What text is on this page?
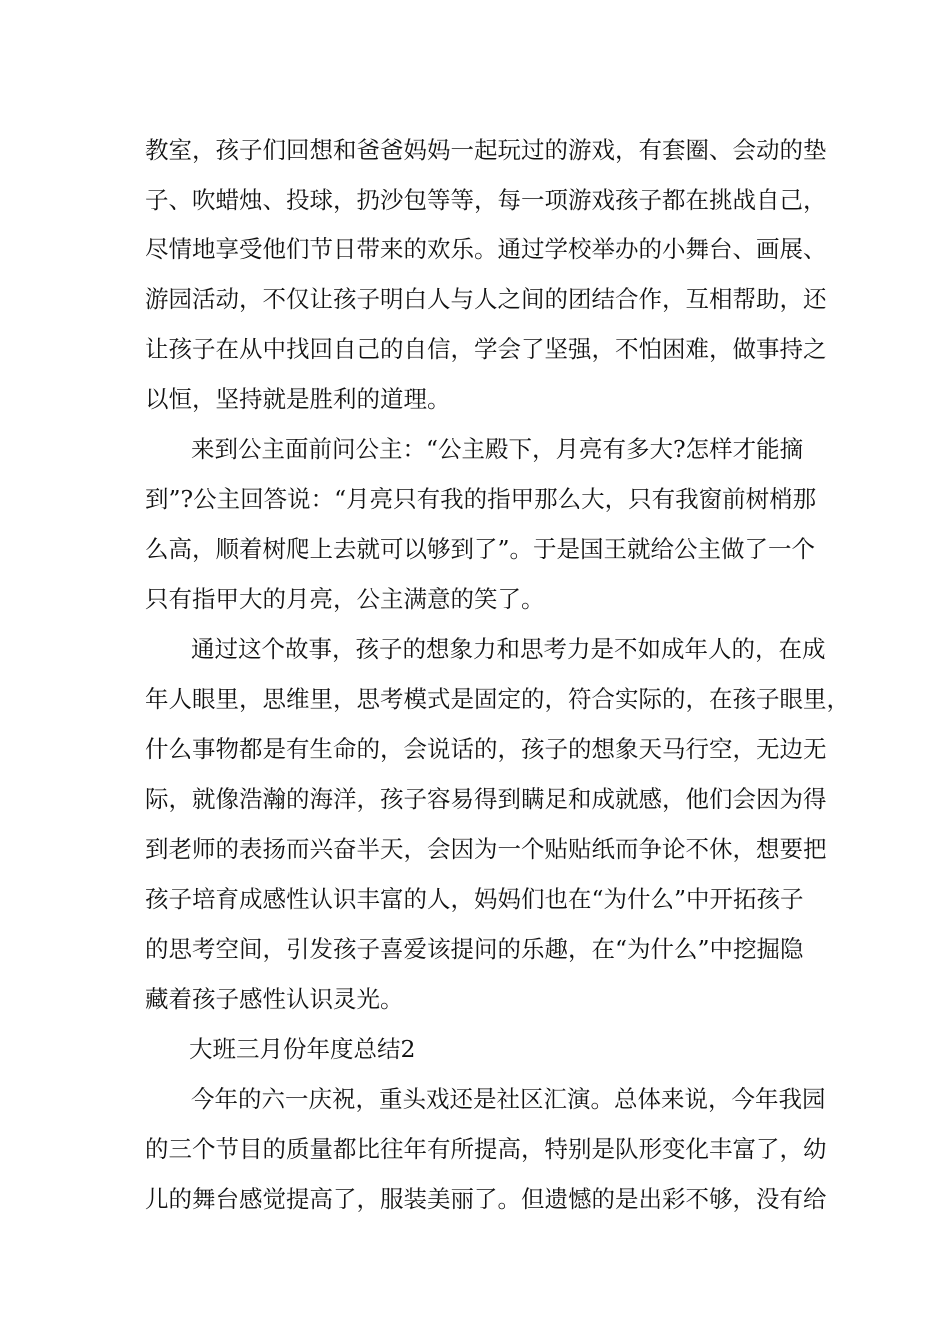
教室，孩子们回想和爸爸妈妈一起玩过的游戏，有套圈、会动的垫
子、吹蜡烛、投球，扔沙包等等，每一项游戏孩子都在挑战自己，
尽情地享受他们节日带来的欢乐。通过学校举办的小舞台、画展、
游园活动，不仅让孩子明白人与人之间的团结合作，互相帮助，还
让孩子在从中找回自己的自信，学会了坚强，不怕困难，做事持之
以恒，坚持就是胜利的道理。
来到公主面前问公主：“公主殿下，月亮有多大?怎样才能摘
到”?公主回答说：“月亮只有我的指甲那么大，只有我窗前树梢那
么高，顺着树爬上去就可以够到了”。于是国王就给公主做了一个
只有指甲大的月亮，公主满意的笑了。
通过这个故事，孩子的想象力和思考力是不如成年人的，在成
年人眼里，思维里，思考模式是固定的，符合实际的，在孩子眼里，
什么事物都是有生命的，会说话的，孩子的想象天马行空，无边无
际，就像浩瀚的海洋，孩子容易得到瞒足和成就感，他们会因为得
到老师的表扬而兴奋半天，会因为一个贴贴纸而争论不休，想要把
孩子培育成感性认识丰富的人，妈妈们也在“为什么”中开拓孩子
的思考空间，引发孩子喜爱该提问的乐趣，在“为什么”中挖掘隐
藏着孩子感性认识灵光。
大班三月份年度总结2
今年的六一庆祝，重头戏还是社区汇演。总体来说，今年我园
的三个节目的质量都比往年有所提高，特别是队形变化丰富了，幼
儿的舞台感觉提高了，服装美丽了。但遗憾的是出彩不够，没有给
